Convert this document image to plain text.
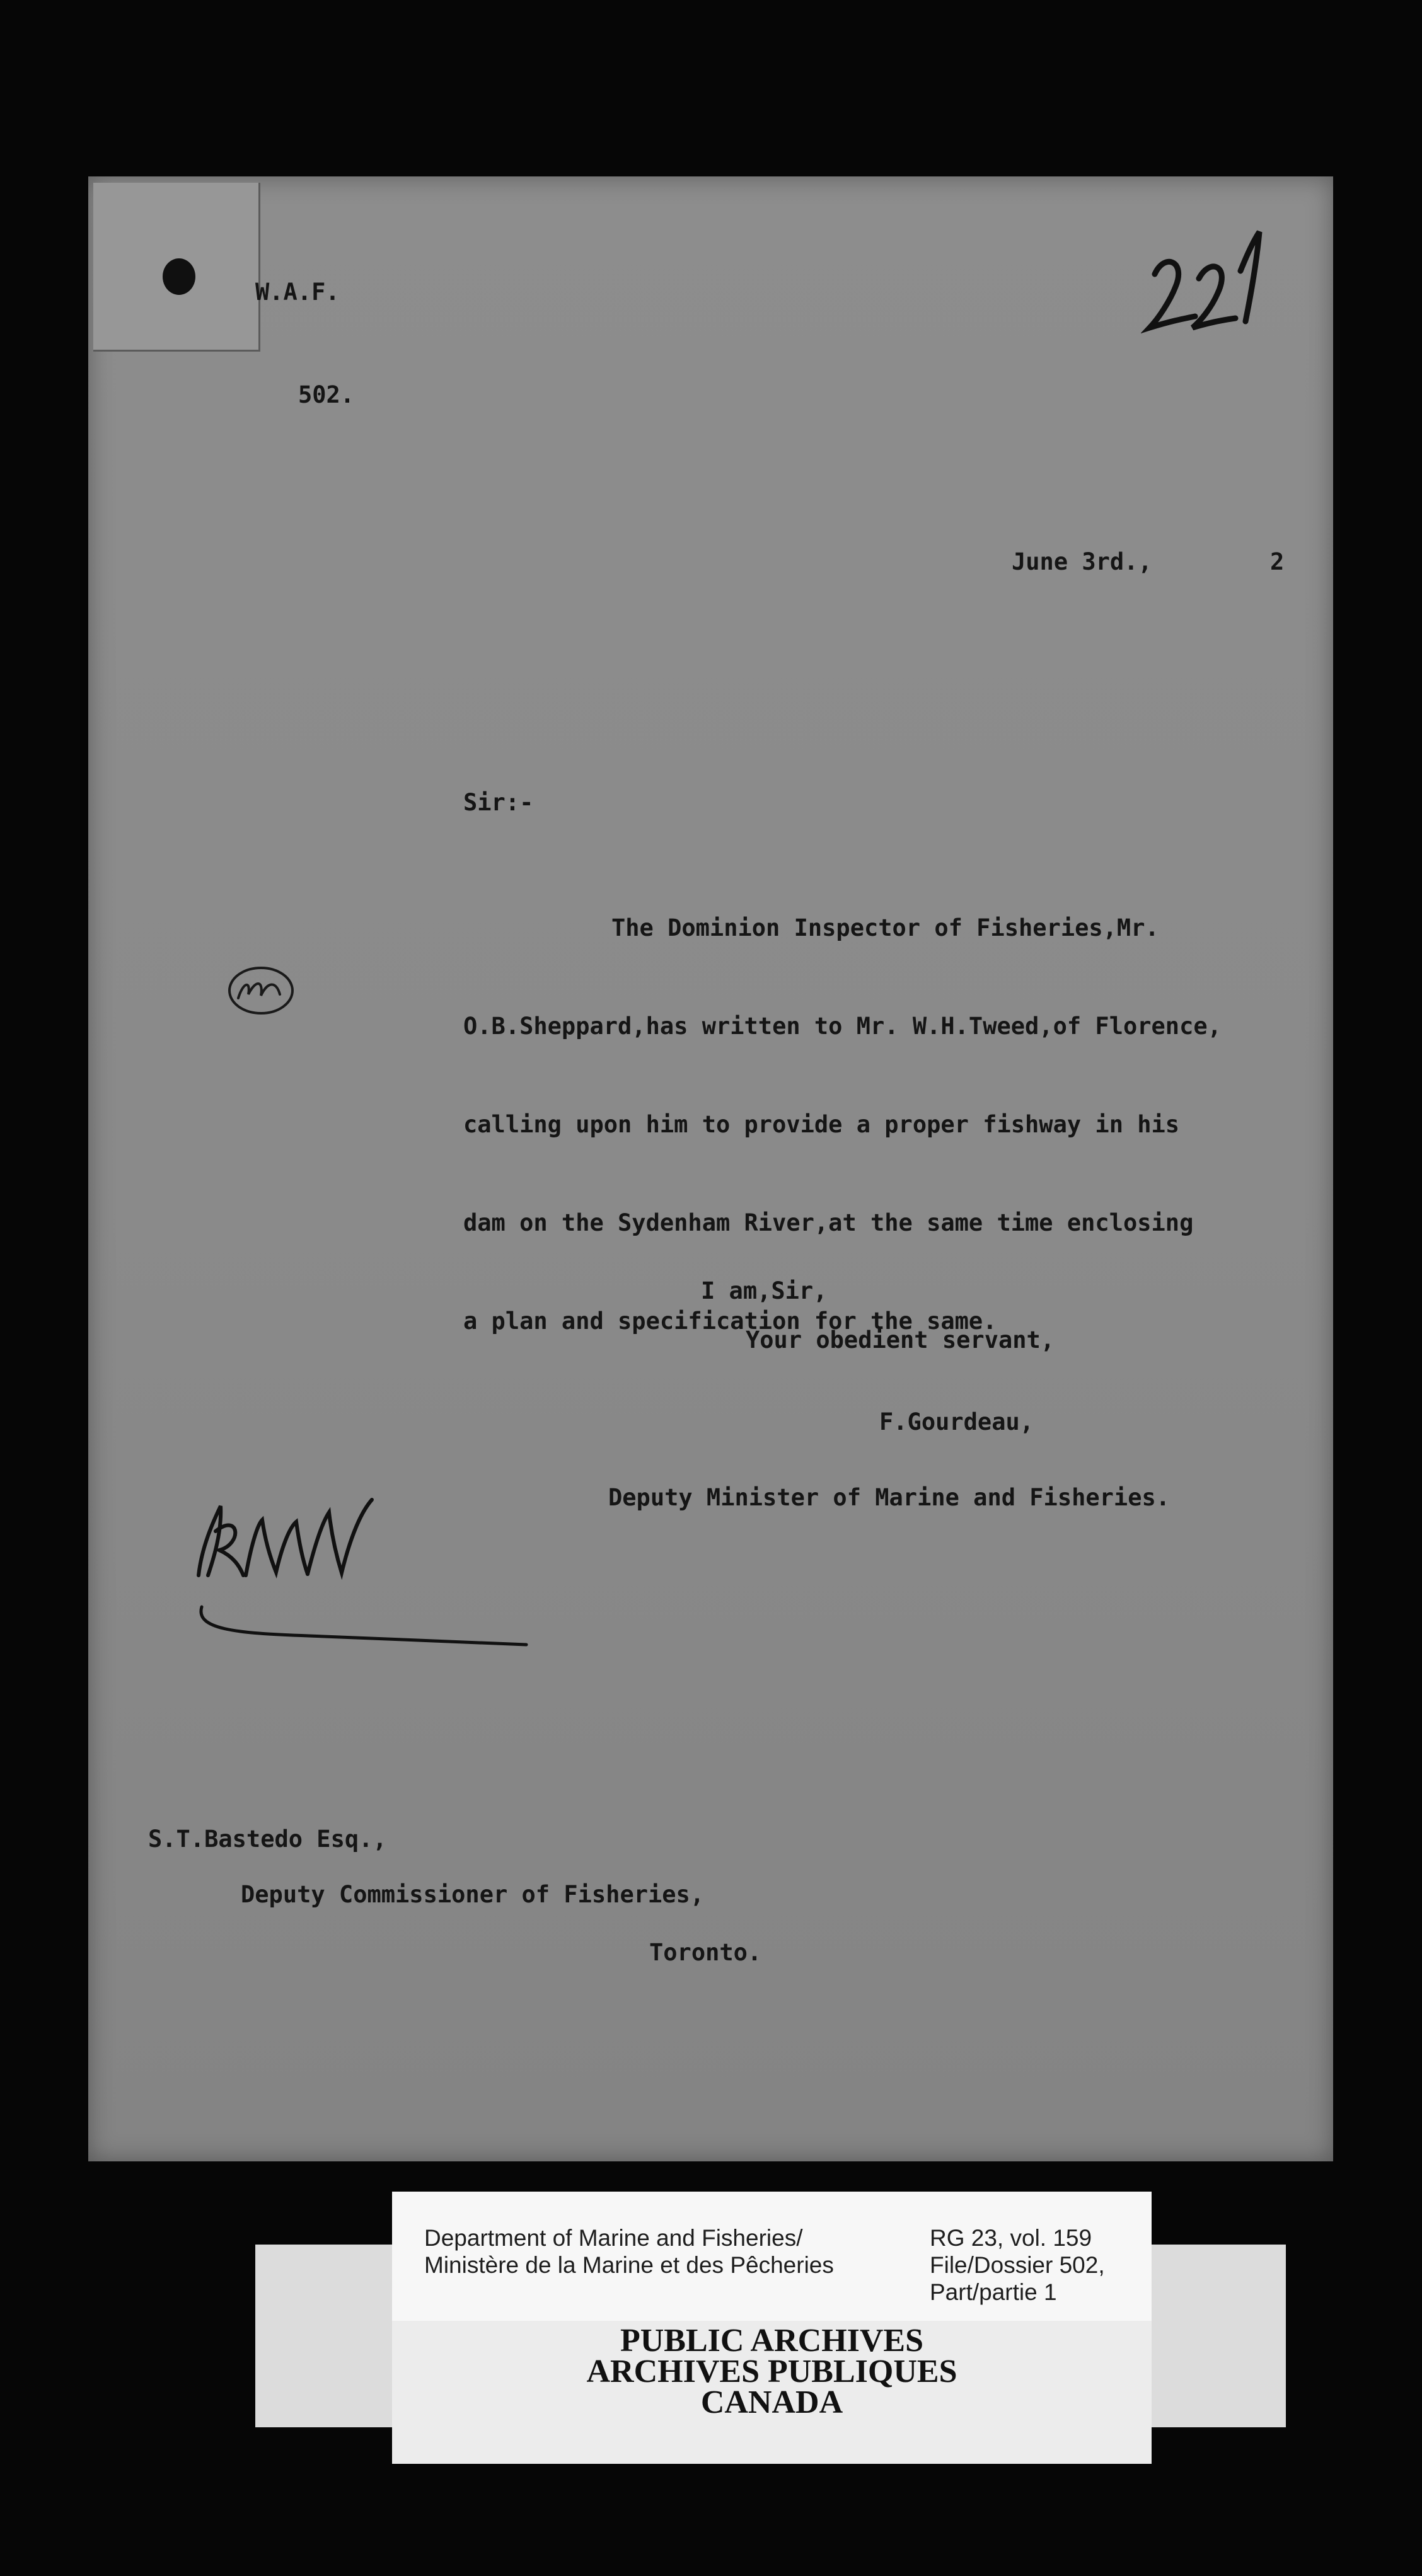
W.A.F.
502.
June 3rd.,	2
Sir:-

The Dominion Inspector of Fisheries,Mr.

O.B.Sheppard,has written to Mr. W.H.Tweed,of Florence,

calling upon him to provide a proper fishway in his

dam on the Sydenham River,at the same time enclosing

a plan and specification for the same.

I am,Sir,
Your obedient servant,
F.Gourdeau,
Deputy Minister of Marine and Fisheries.
S.T.Bastedo Esq.,
Deputy Commissioner of Fisheries,
Toronto.
Department of Marine and Fisheries/
Ministère de la Marine et des Pêcheries
RG 23, vol. 159
File/Dossier 502,
Part/partie 1
PUBLIC ARCHIVES
ARCHIVES PUBLIQUES
CANADA
